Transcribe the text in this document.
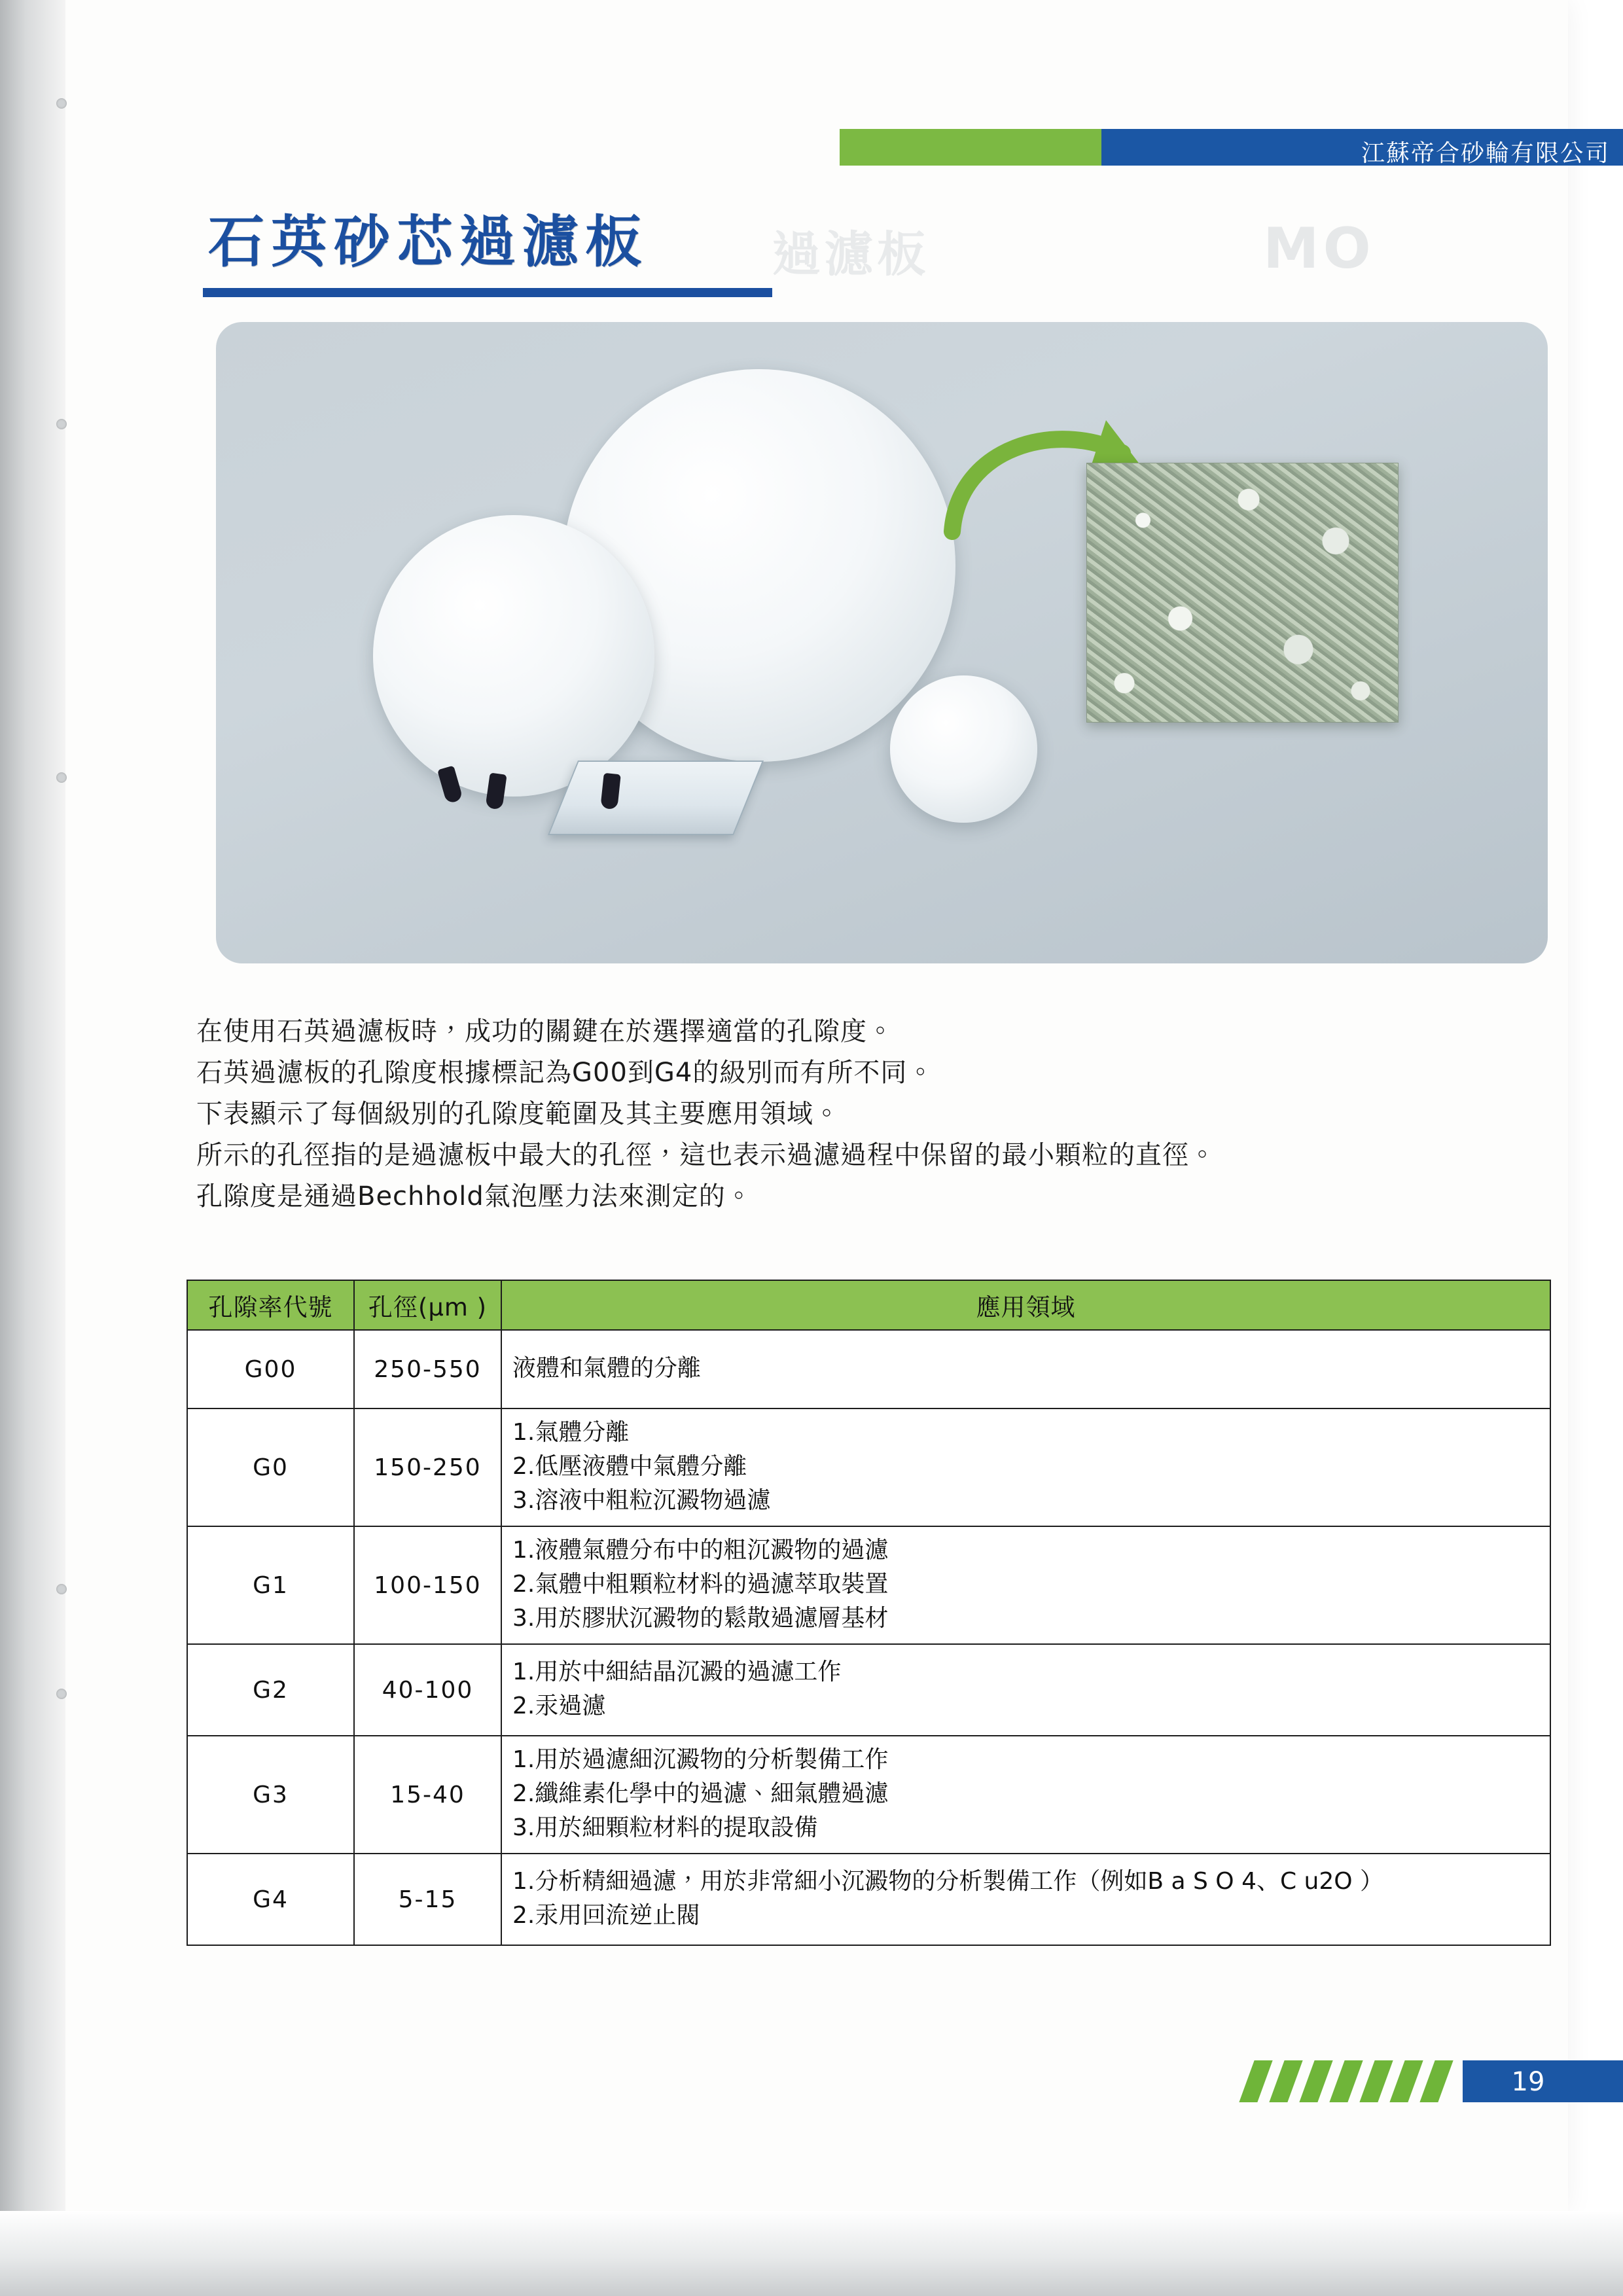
江蘇帝合砂輪有限公司
過濾板	MO
石英砂芯過濾板
在使用石英過濾板時，成功的關鍵在於選擇適當的孔隙度。
石英過濾板的孔隙度根據標記為G00到G4的級別而有所不同。
下表顯示了每個級別的孔隙度範圍及其主要應用領域。
所示的孔徑指的是過濾板中最大的孔徑，這也表示過濾過程中保留的最小顆粒的直徑。
孔隙度是通過Bechhold氣泡壓力法來測定的。
孔隙率代號	孔徑(μm )	應用領域
G00	250-550	液體和氣體的分離

G0	150-250	1.氣體分離
2.低壓液體中氣體分離
3.溶液中粗粒沉澱物過濾

G1	100-150	1.液體氣體分布中的粗沉澱物的過濾
2.氣體中粗顆粒材料的過濾萃取裝置
3.用於膠狀沉澱物的鬆散過濾層基材

G2	40-100	1.用於中細結晶沉澱的過濾工作
2.汞過濾

G3	15-40	1.用於過濾細沉澱物的分析製備工作
2.纖維素化學中的過濾、細氣體過濾
3.用於細顆粒材料的提取設備

G4	5-15	1.分析精細過濾，用於非常細小沉澱物的分析製備工作（例如B a S O 4、C u2O ）
2.汞用回流逆止閥
19
